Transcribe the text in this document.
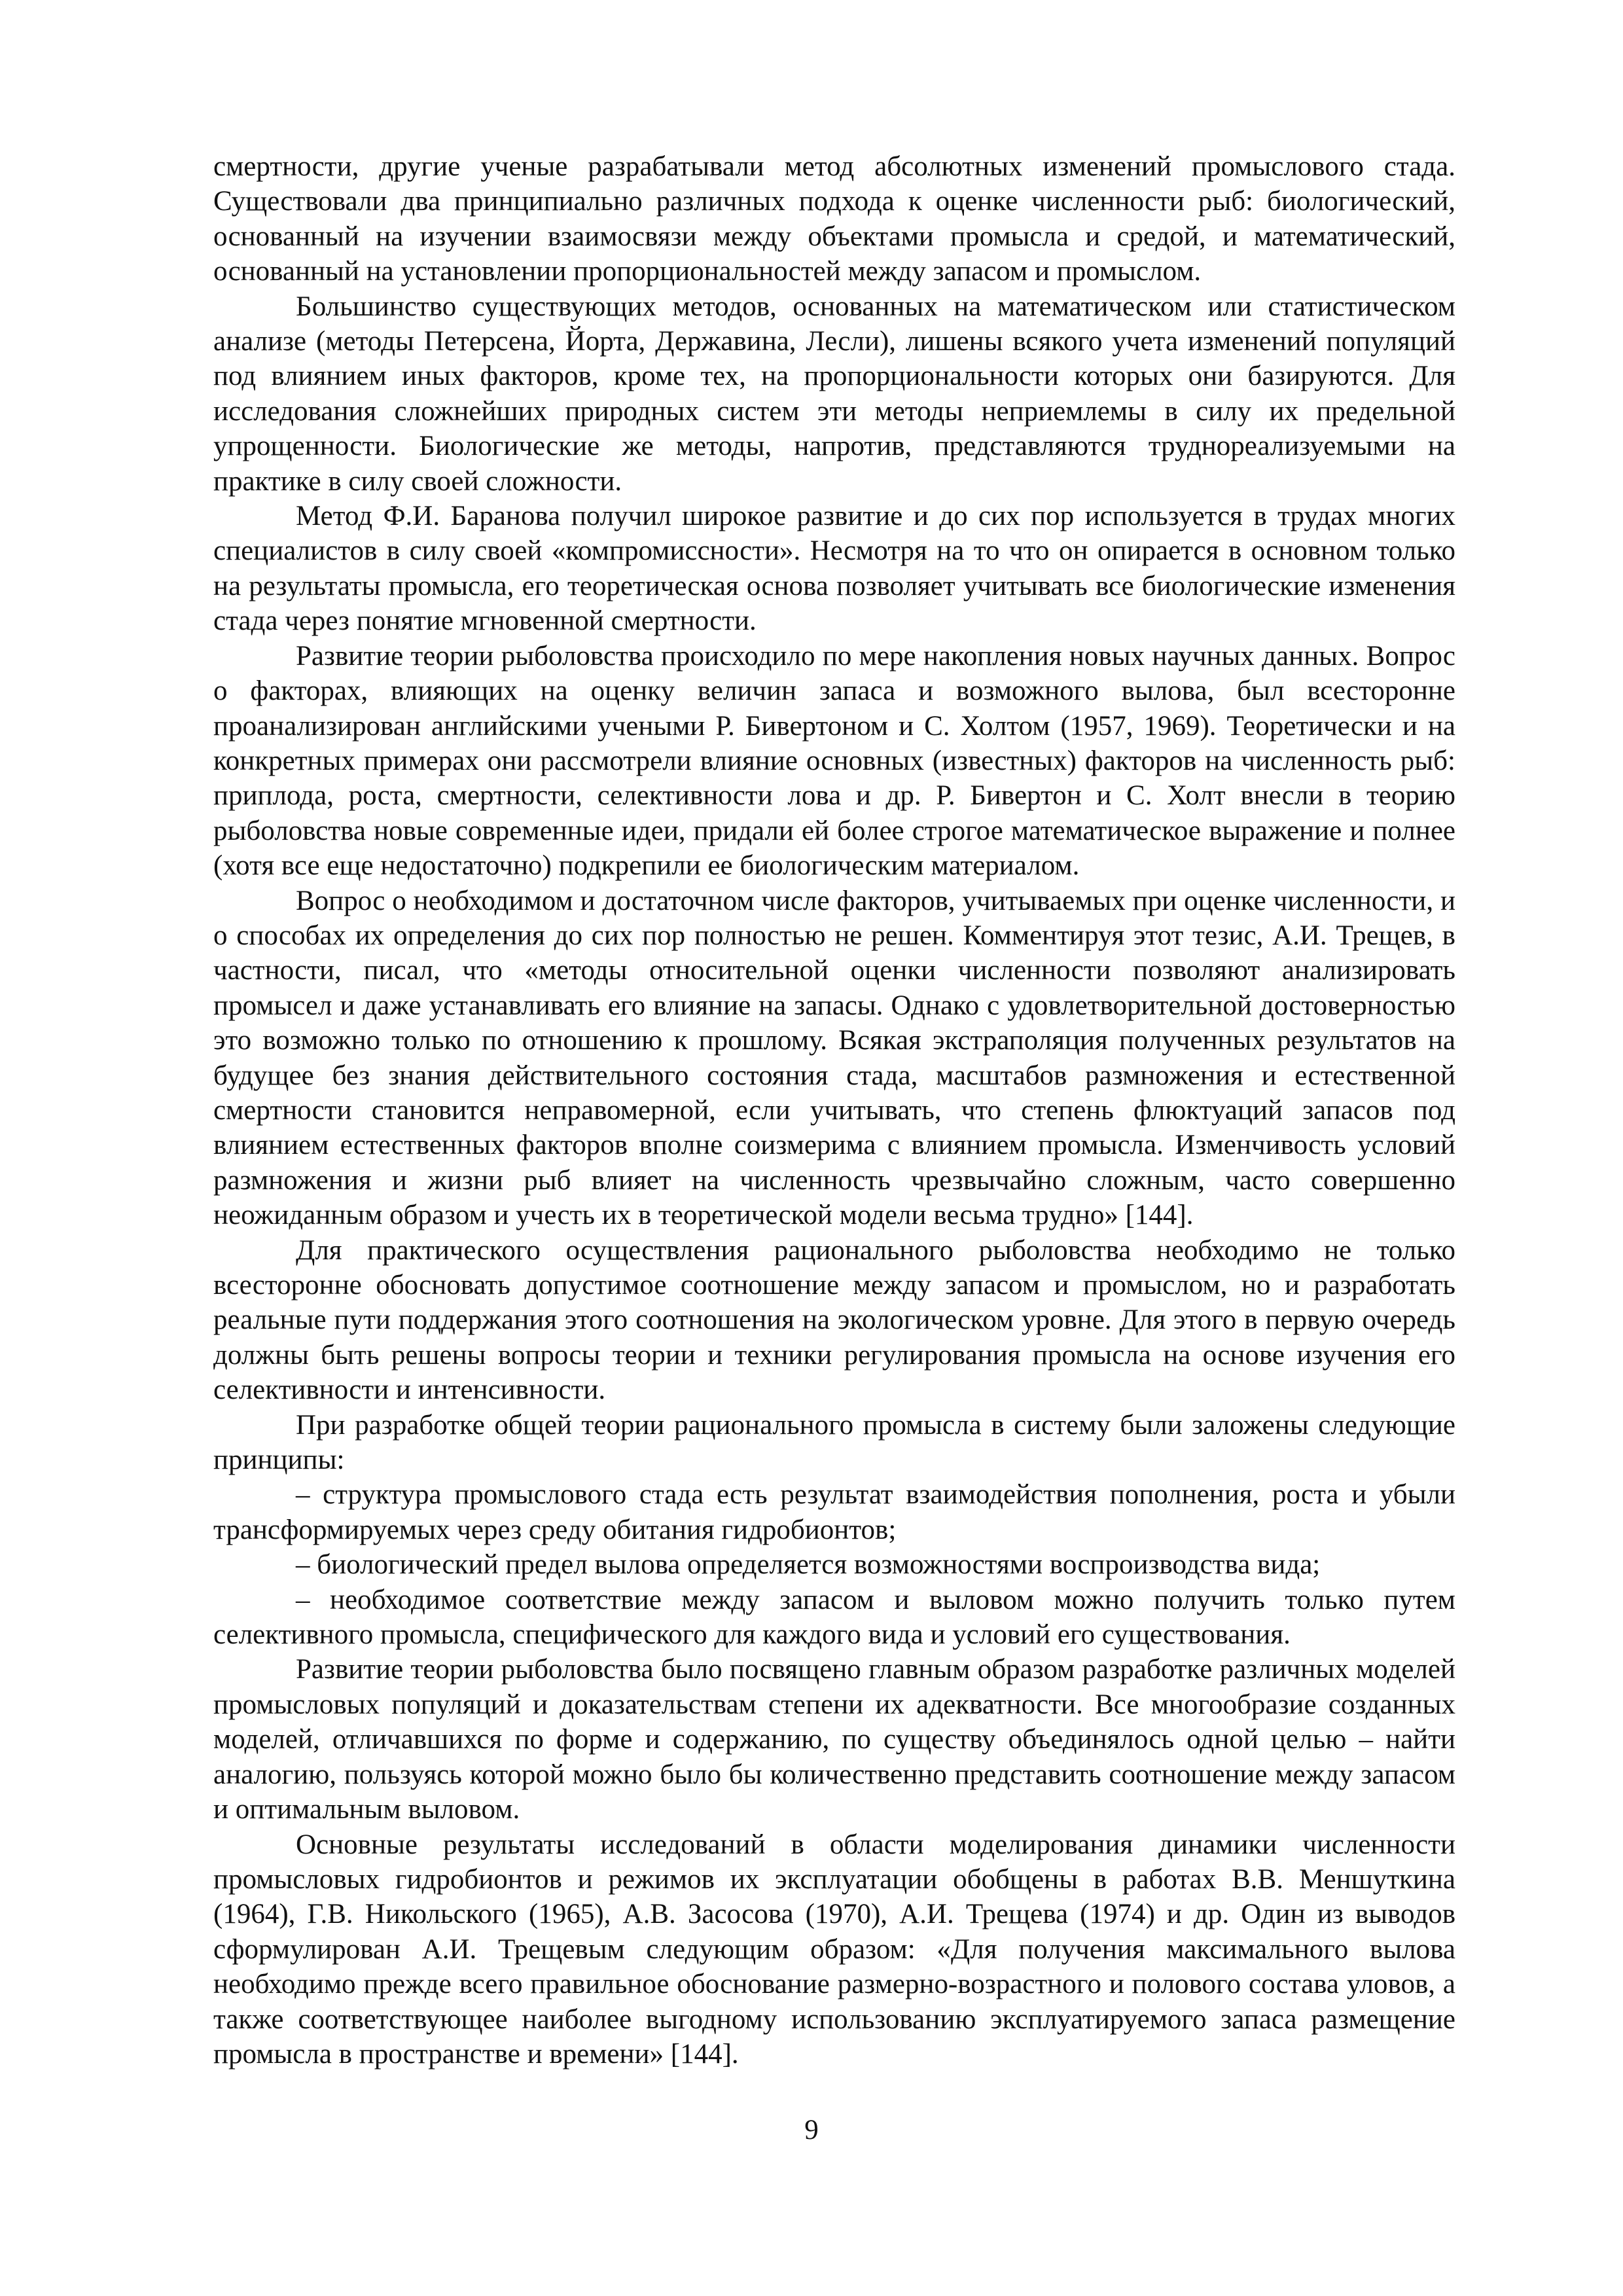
смертности, другие ученые разрабатывали метод абсолютных изменений промыслового стада. Существовали два принципиально различных подхода к оценке численности рыб: биологический, основанный на изучении взаимосвязи между объектами промысла и средой, и математический, основанный на установлении пропорциональностей между запасом и промыслом.

Большинство существующих методов, основанных на математическом или статистическом анализе (методы Петерсена, Йорта, Державина, Лесли), лишены всякого учета изменений популяций под влиянием иных факторов, кроме тех, на пропорциональности которых они базируются. Для исследования сложнейших природных систем эти методы неприемлемы в силу их предельной упрощенности. Биологические же методы, напротив, представляются труднореализуемыми на практике в силу своей сложности.

Метод Ф.И. Баранова получил широкое развитие и до сих пор используется в трудах многих специалистов в силу своей «компромиссности». Несмотря на то что он опирается в основном только на результаты промысла, его теоретическая основа позволяет учитывать все биологические изменения стада через понятие мгновенной смертности.

Развитие теории рыболовства происходило по мере накопления новых научных данных. Вопрос о факторах, влияющих на оценку величин запаса и возможного вылова, был всесторонне проанализирован английскими учеными Р. Бивертоном и С. Холтом (1957, 1969). Теоретически и на конкретных примерах они рассмотрели влияние основных (известных) факторов на численность рыб: приплода, роста, смертности, селективности лова и др. Р. Бивертон и С. Холт внесли в теорию рыболовства новые современные идеи, придали ей более строгое математическое выражение и полнее (хотя все еще недостаточно) подкрепили ее биологическим материалом.

Вопрос о необходимом и достаточном числе факторов, учитываемых при оценке численности, и о способах их определения до сих пор полностью не решен. Комментируя этот тезис, А.И. Трещев, в частности, писал, что «методы относительной оценки численности позволяют анализировать промысел и даже устанавливать его влияние на запасы. Однако с удовлетворительной достоверностью это возможно только по отношению к прошлому. Всякая экстраполяция полученных результатов на будущее без знания действительного состояния стада, масштабов размножения и естественной смертности становится неправомерной, если учитывать, что степень флюктуаций запасов под влиянием естественных факторов вполне соизмерима с влиянием промысла. Изменчивость условий размножения и жизни рыб влияет на численность чрезвычайно сложным, часто совершенно неожиданным образом и учесть их в теоретической модели весьма трудно» [144].

Для практического осуществления рационального рыболовства необходимо не только всесторонне обосновать допустимое соотношение между запасом и промыслом, но и разработать реальные пути поддержания этого соотношения на экологическом уровне. Для этого в первую очередь должны быть решены вопросы теории и техники регулирования промысла на основе изучения его селективности и интенсивности.

При разработке общей теории рационального промысла в систему были заложены следующие принципы:

– структура промыслового стада есть результат взаимодействия пополнения, роста и убыли трансформируемых через среду обитания гидробионтов;

– биологический предел вылова определяется возможностями воспроизводства вида;

– необходимое соответствие между запасом и выловом можно получить только путем селективного промысла, специфического для каждого вида и условий его существования.

Развитие теории рыболовства было посвящено главным образом разработке различных моделей промысловых популяций и доказательствам степени их адекватности. Все многообразие созданных моделей, отличавшихся по форме и содержанию, по существу объединялось одной целью – найти аналогию, пользуясь которой можно было бы количественно представить соотношение между запасом и оптимальным выловом.

Основные результаты исследований в области моделирования динамики численности промысловых гидробионтов и режимов их эксплуатации обобщены в работах В.В. Меншуткина (1964), Г.В. Никольского (1965), А.В. Засосова (1970), А.И. Трещева (1974) и др. Один из выводов сформулирован А.И. Трещевым следующим образом: «Для получения максимального вылова необходимо прежде всего правильное обоснование размерно-возрастного и полового состава уловов, а также соответствующее наиболее выгодному использованию эксплуатируемого запаса размещение промысла в пространстве и времени» [144].

9
